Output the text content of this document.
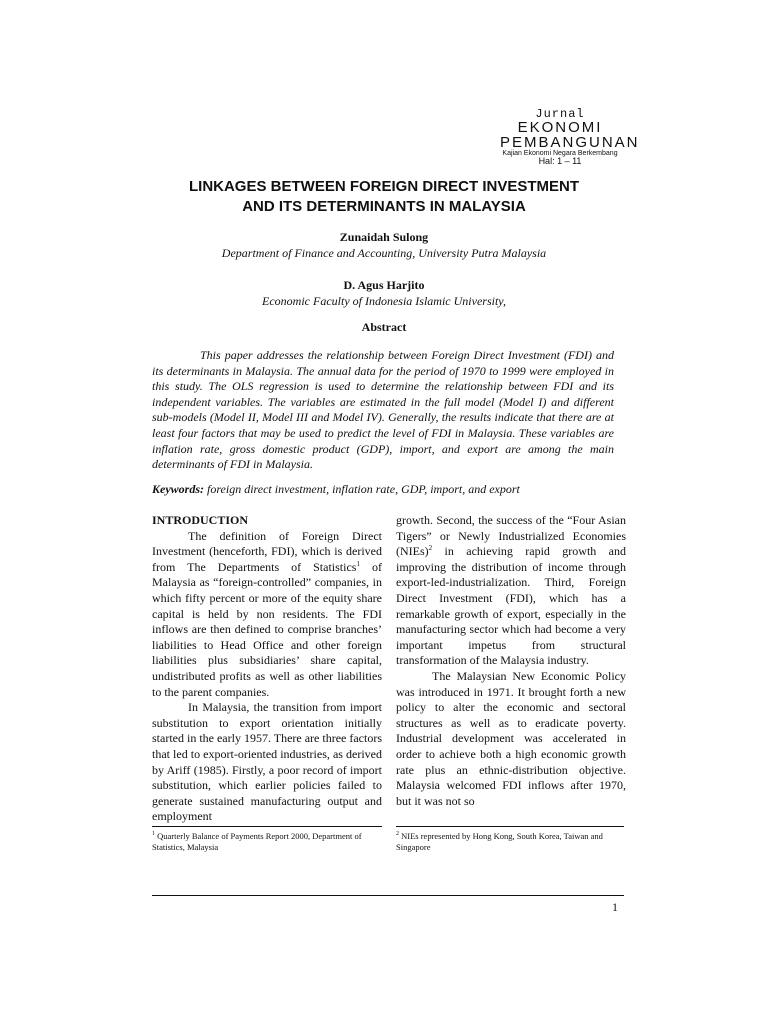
Jurnal
EKONOMI
PEMBANGUNAN
Kajian Ekonomi Negara Berkembang
Hal: 1 – 11
LINKAGES BETWEEN FOREIGN DIRECT INVESTMENT
AND ITS DETERMINANTS IN MALAYSIA
Zunaidah Sulong
Department of Finance and Accounting, University Putra Malaysia
D. Agus Harjito
Economic Faculty of Indonesia Islamic University,
Abstract

This paper addresses the relationship between Foreign Direct Investment (FDI) and its determinants in Malaysia. The annual data for the period of 1970 to 1999 were employed in this study. The OLS regression is used to determine the relationship between FDI and its independent variables. The variables are estimated in the full model (Model I) and different sub-models (Model II, Model III and Model IV). Generally, the results indicate that there are at least four factors that may be used to predict the level of FDI in Malaysia. These variables are inflation rate, gross domestic product (GDP), import, and export are among the main determinants of FDI in Malaysia.

Keywords: foreign direct investment, inflation rate, GDP, import, and export

INTRODUCTION

The definition of Foreign Direct Investment (henceforth, FDI), which is derived from The Departments of Statistics$^1$ of Malaysia as “foreign-controlled” companies, in which fifty percent or more of the equity share capital is held by non residents. The FDI inflows are then defined to comprise branches’ liabilities to Head Office and other foreign liabilities plus subsidiaries’ share capital, undistributed profits as well as other liabilities to the parent companies.

In Malaysia, the transition from import substitution to export orientation initially started in the early 1957. There are three factors that led to export-oriented industries, as derived by Ariff (1985). Firstly, a poor record of import substitution, which earlier policies failed to generate sustained manufacturing output and employment

growth. Second, the success of the “Four Asian Tigers” or Newly Industrialized Economies (NIEs)$^2$ in achieving rapid growth and improving the distribution of income through export-led-industrialization. Third, Foreign Direct Investment (FDI), which has a remarkable growth of export, especially in the manufacturing sector which had become a very important impetus from structural transformation of the Malaysia industry.

The Malaysian New Economic Policy was introduced in 1971. It brought forth a new policy to alter the economic and sectoral structures as well as to eradicate poverty. Industrial development was accelerated in order to achieve both a high economic growth rate plus an ethnic-distribution objective. Malaysia welcomed FDI inflows after 1970, but it was not so

$^1$ Quarterly Balance of Payments Report 2000, Department of Statistics, Malaysia
$^2$ NIEs represented by Hong Kong, South Korea, Taiwan and Singapore
1
